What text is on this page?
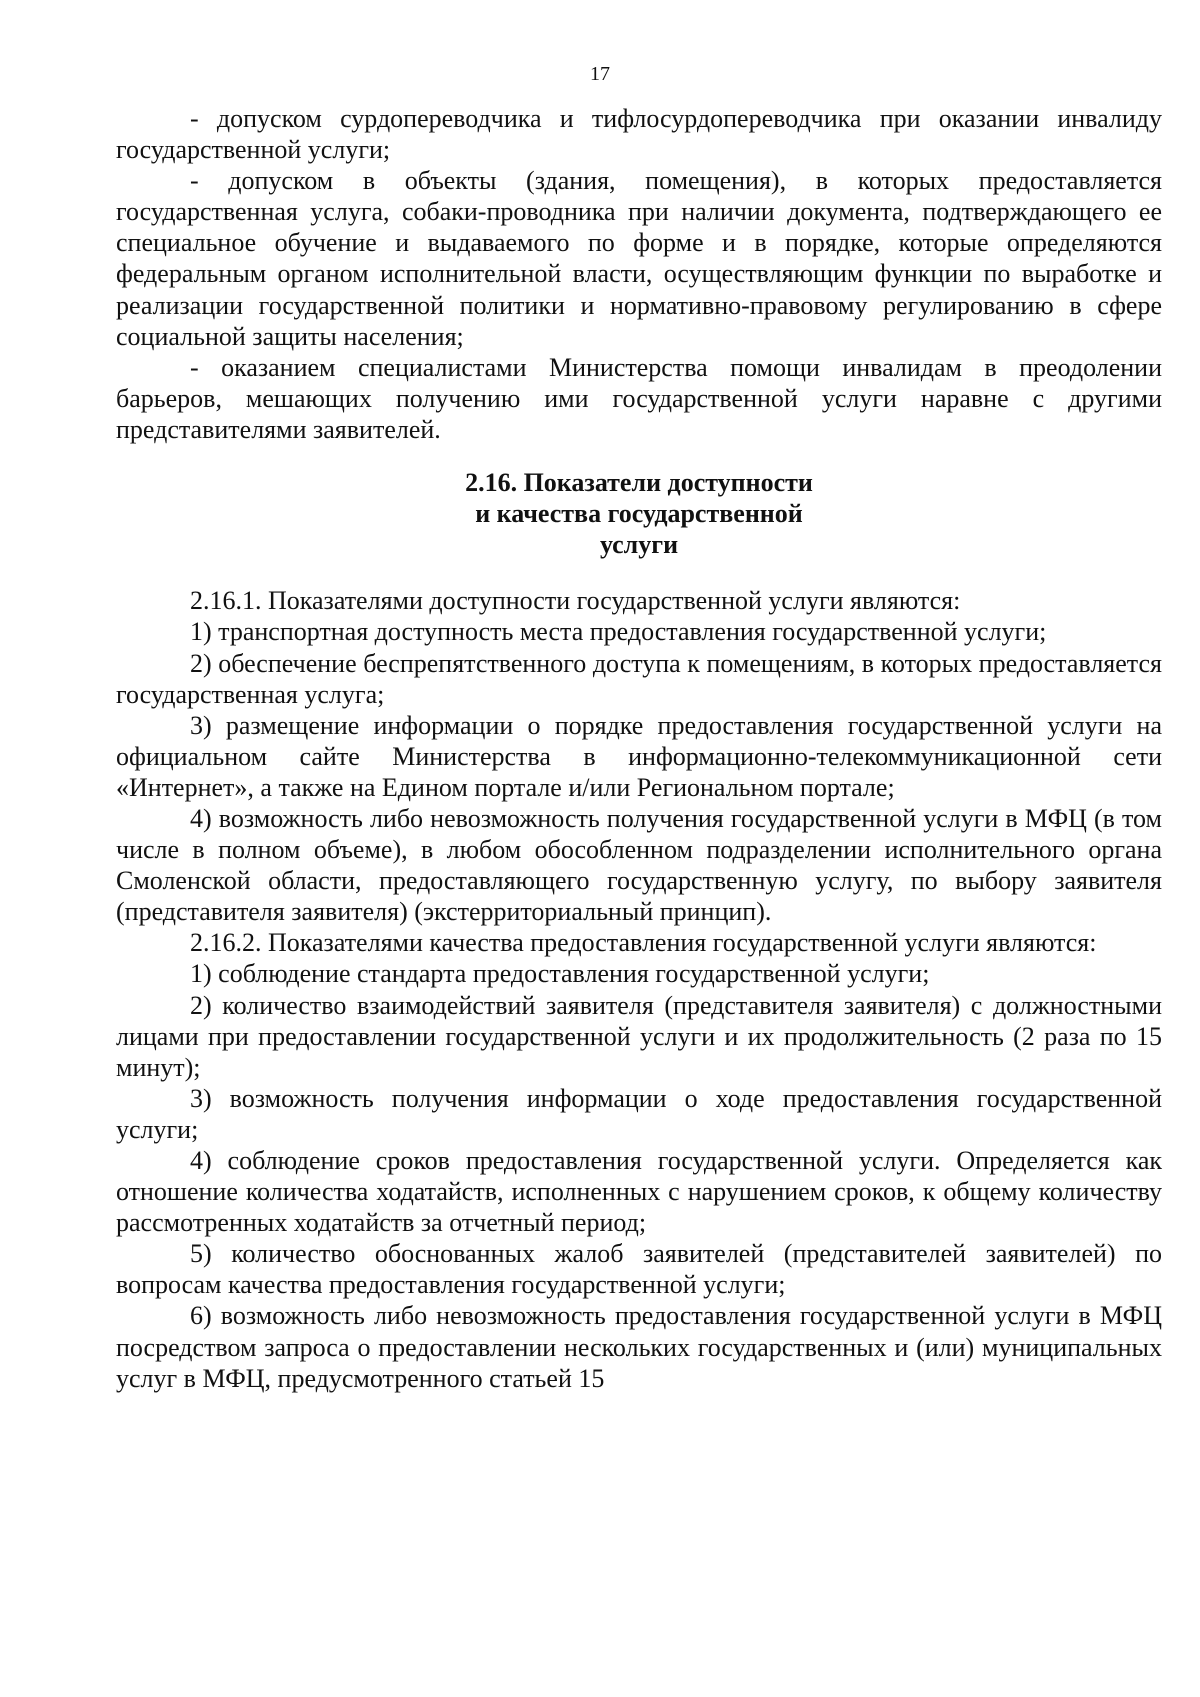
17

- допуском сурдопереводчика и тифлосурдопереводчика при оказании инвалиду государственной услуги;

- допуском в объекты (здания, помещения), в которых предоставляется государственная услуга, собаки-проводника при наличии документа, подтверждающего ее специальное обучение и выдаваемого по форме и в порядке, которые определяются федеральным органом исполнительной власти, осуществляющим функции по выработке и реализации государственной политики и нормативно-правовому регулированию в сфере социальной защиты населения;

- оказанием специалистами Министерства помощи инвалидам в преодолении барьеров, мешающих получению ими государственной услуги наравне с другими представителями заявителей.

2.16. Показатели доступности
и качества государственной
услуги

2.16.1. Показателями доступности государственной услуги являются:

1) транспортная доступность места предоставления государственной услуги;

2) обеспечение беспрепятственного доступа к помещениям, в которых предоставляется государственная услуга;

3) размещение информации о порядке предоставления государственной услуги на официальном сайте Министерства в информационно-телекоммуникационной сети «Интернет», а также на Едином портале и/или Региональном портале;

4) возможность либо невозможность получения государственной услуги в МФЦ (в том числе в полном объеме), в любом обособленном подразделении исполнительного органа Смоленской области, предоставляющего государственную услугу, по выбору заявителя (представителя заявителя) (экстерриториальный принцип).

2.16.2. Показателями качества предоставления государственной услуги являются:

1) соблюдение стандарта предоставления государственной услуги;

2) количество взаимодействий заявителя (представителя заявителя) с должностными лицами при предоставлении государственной услуги и их продолжительность (2 раза по 15 минут);

3) возможность получения информации о ходе предоставления государственной услуги;

4) соблюдение сроков предоставления государственной услуги. Определяется как отношение количества ходатайств, исполненных с нарушением сроков, к общему количеству рассмотренных ходатайств за отчетный период;

5) количество обоснованных жалоб заявителей (представителей заявителей) по вопросам качества предоставления государственной услуги;

6) возможность либо невозможность предоставления государственной услуги в МФЦ посредством запроса о предоставлении нескольких государственных и (или) муниципальных услуг в МФЦ, предусмотренного статьей 15
